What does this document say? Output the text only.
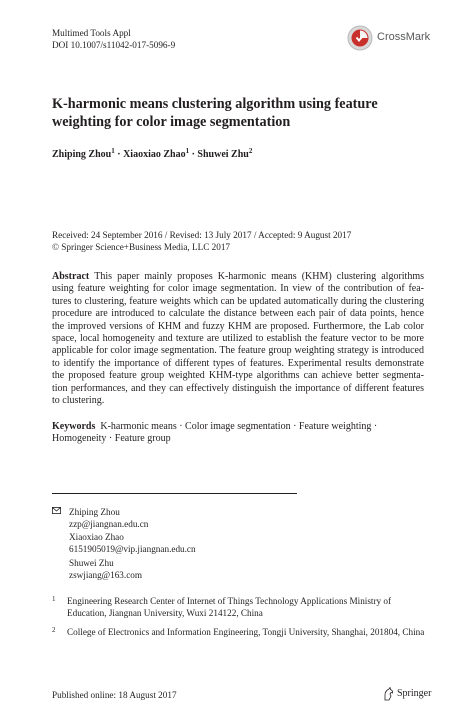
Multimed Tools Appl
DOI 10.1007/s11042-017-5096-9
CrossMark
K-harmonic means clustering algorithm using feature weighting for color image segmentation
Zhiping Zhou$^1$ · Xiaoxiao Zhao$^1$ · Shuwei Zhu$^2$
Received: 24 September 2016 / Revised: 13 July 2017 / Accepted: 9 August 2017
© Springer Science+Business Media, LLC 2017
Abstract This paper mainly proposes K-harmonic means (KHM) clustering algorithms using feature weighting for color image segmentation. In view of the contribution of fea-tures to clustering, feature weights which can be updated automatically during the clustering procedure are introduced to calculate the distance between each pair of data points, hence the improved versions of KHM and fuzzy KHM are proposed. Furthermore, the Lab color space, local homogeneity and texture are utilized to establish the feature vector to be more applicable for color image segmentation. The feature group weighting strategy is introduced to identify the importance of different types of features. Experimental results demonstrate the proposed feature group weighted KHM-type algorithms can achieve better segmenta-tion performances, and they can effectively distinguish the importance of different features to clustering.
Keywords K-harmonic means · Color image segmentation · Feature weighting · Homogeneity · Feature group
Zhiping Zhou
zzp@jiangnan.edu.cn
Xiaoxiao Zhao
6151905019@vip.jiangnan.edu.cn
Shuwei Zhu
zswjiang@163.com
1 Engineering Research Center of Internet of Things Technology Applications Ministry of Education, Jiangnan University, Wuxi 214122, China
2 College of Electronics and Information Engineering, Tongji University, Shanghai, 201804, China
Published online: 18 August 2017	Springer
